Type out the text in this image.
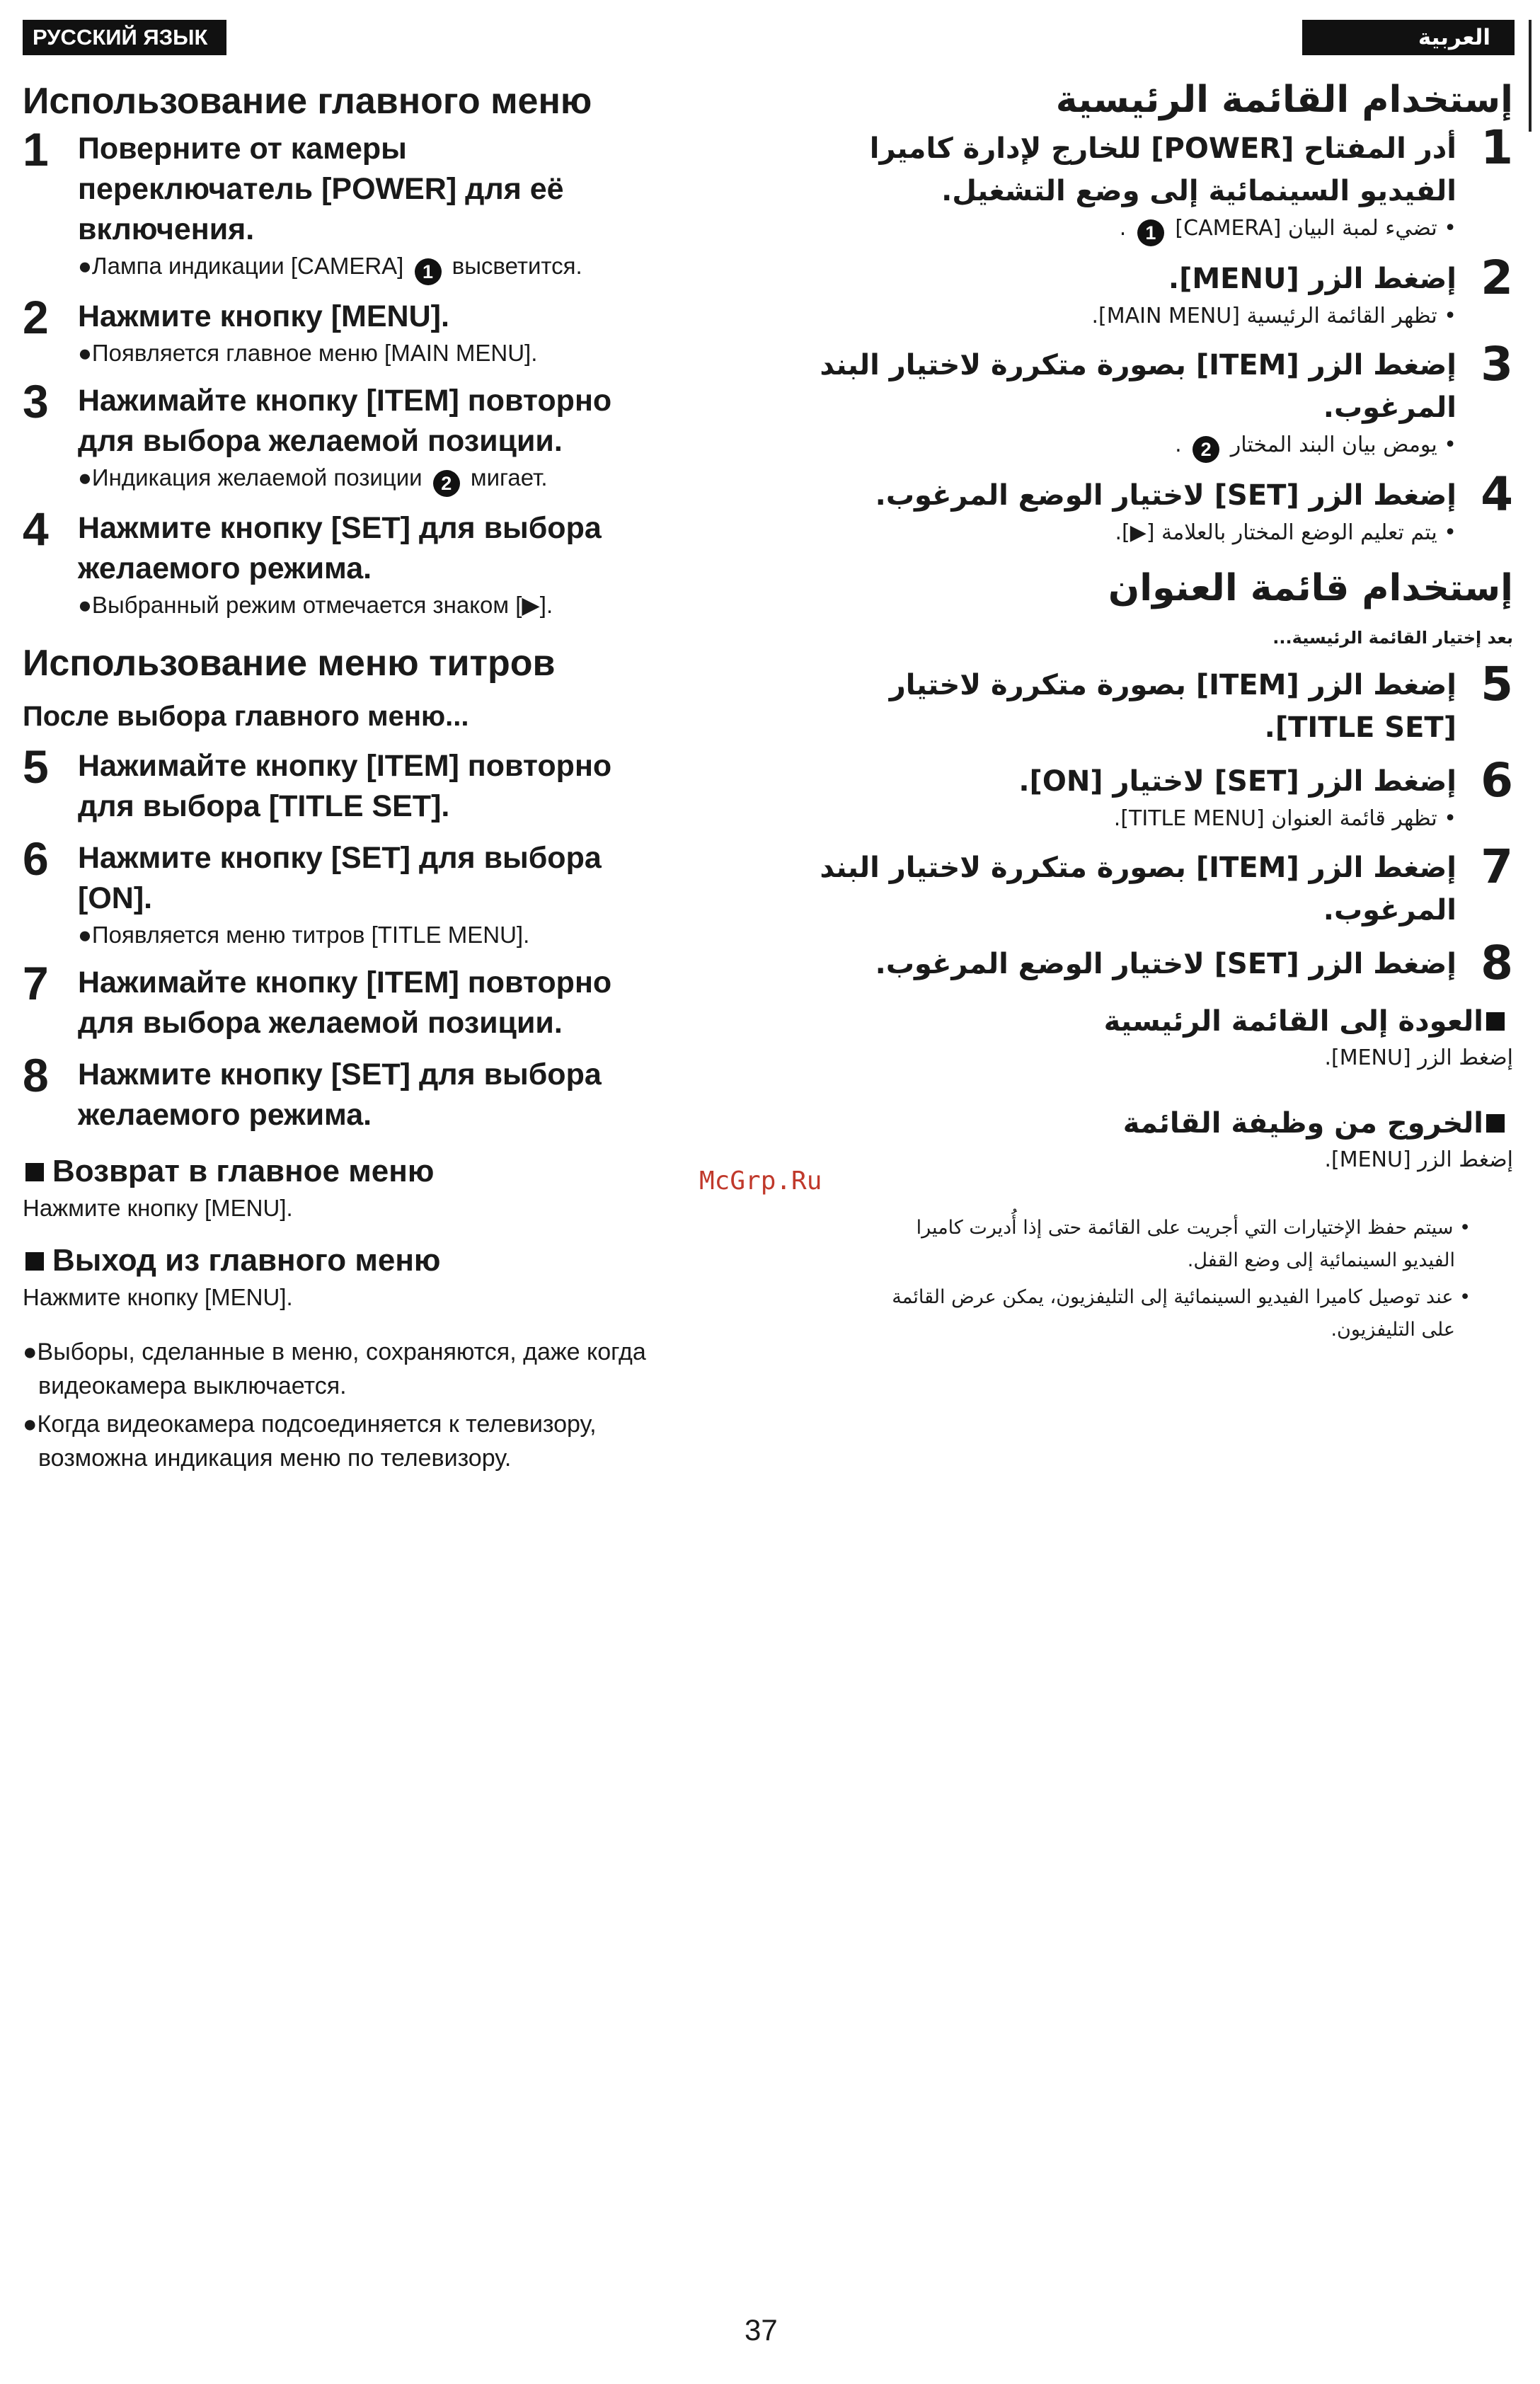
РУССКИЙ ЯЗЫК	العربية
Использование главного меню
1 Поверните от камеры
переключатель [POWER] для её
включения.
●Лампа индикации [CAMERA] 1 высветится.
2 Нажмите кнопку [MENU].
●Появляется главное меню [MAIN MENU].
3 Нажимайте кнопку [ITEM] повторно
для выбора желаемой позиции.
●Индикация желаемой позиции 2 мигает.
4 Нажмите кнопку [SET] для выбора
желаемого режима.
●Выбранный режим отмечается знаком [▶].
Использование меню титров
После выбора главного меню...
5 Нажимайте кнопку [ITEM] повторно
для выбора [TITLE SET].
6 Нажмите кнопку [SET] для выбора
[ON].
●Появляется меню титров [TITLE MENU].
7 Нажимайте кнопку [ITEM] повторно
для выбора желаемой позиции.
8 Нажмите кнопку [SET] для выбора
желаемого режима.
Возврат в главное меню
Нажмите кнопку [MENU].
Выход из главного меню
Нажмите кнопку [MENU].
●Выборы, сделанные в меню, сохраняются, даже когда видеокамера выключается.
●Когда видеокамера подсоединяется к телевизору, возможна индикация меню по телевизору.
إستخدام القائمة الرئيسية
1
أدر المفتاح [POWER] للخارج لإدارة كاميرا
الفيديو السينمائية إلى وضع التشغيل.
• تضيء لمبة البيان [CAMERA] 1 .
2
إضغط الزر [MENU].
• تظهر القائمة الرئيسية [MAIN MENU].
3
إضغط الزر [ITEM] بصورة متكررة لاختيار البند
المرغوب.
• يومض بيان البند المختار 2 .
4
إضغط الزر [SET] لاختيار الوضع المرغوب.
• يتم تعليم الوضع المختار بالعلامة [▶].
إستخدام قائمة العنوان
بعد إختيار القائمة الرئيسية...
5
إضغط الزر [ITEM] بصورة متكررة لاختيار
[TITLE SET].
6
إضغط الزر [SET] لاختيار [ON].
• تظهر قائمة العنوان [TITLE MENU].
7
إضغط الزر [ITEM] بصورة متكررة لاختيار البند
المرغوب.
8
إضغط الزر [SET] لاختيار الوضع المرغوب.
العودة إلى القائمة الرئيسية
إضغط الزر [MENU].
الخروج من وظيفة القائمة
إضغط الزر [MENU].
• سيتم حفظ الإختيارات التي أجريت على القائمة حتى إذا أُديرت كاميرا الفيديو السينمائية إلى وضع القفل.
• عند توصيل كاميرا الفيديو السينمائية إلى التليفزيون، يمكن عرض القائمة على التليفزيون.
McGrp.Ru
37
